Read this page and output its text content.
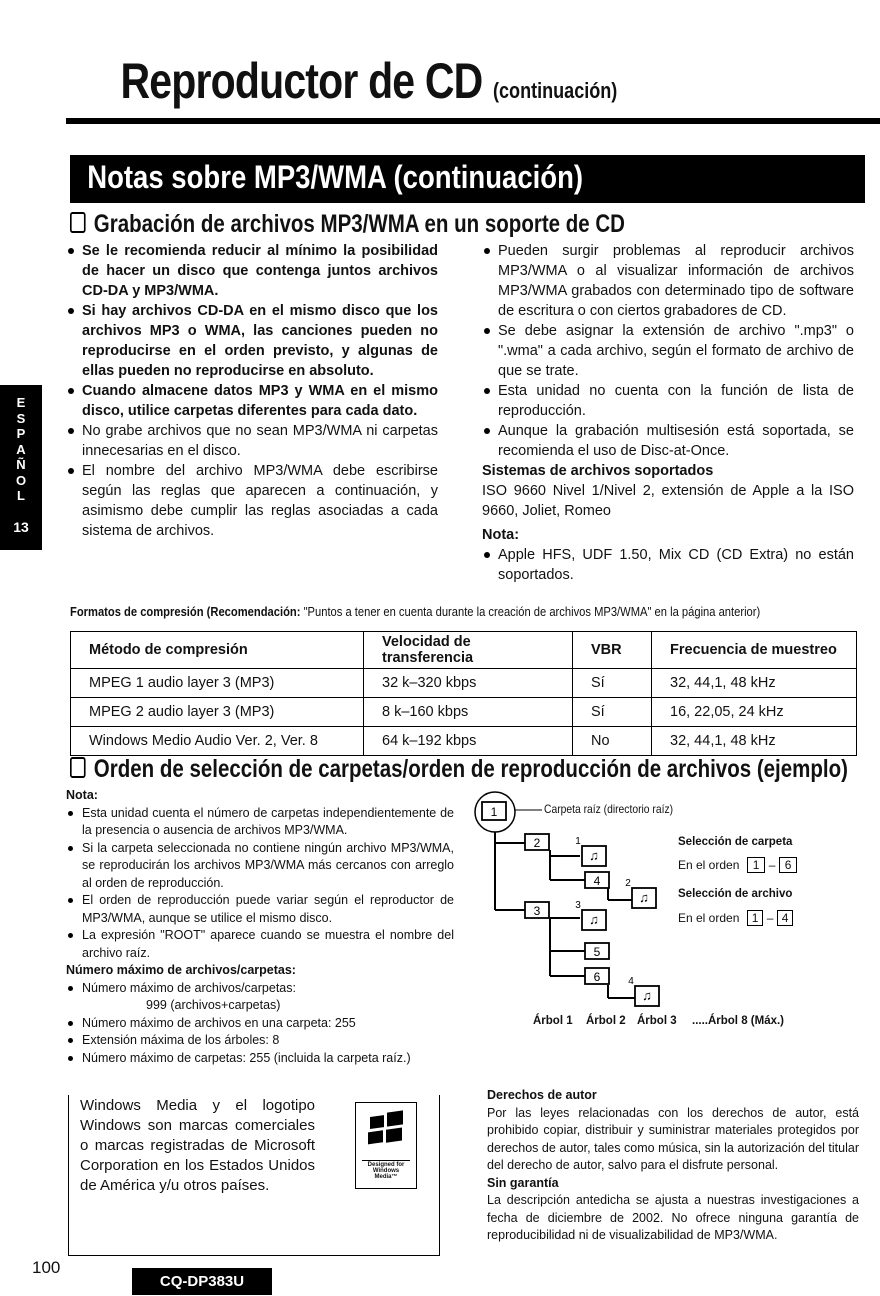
Reproductor de CD (continuación)
Notas sobre MP3/WMA (continuación)
E
S
P
A
Ñ
O
L
13
Grabación de archivos MP3/WMA en un soporte de CD
Se le recomienda reducir al mínimo la posibilidad de hacer un disco que contenga juntos archivos CD-DA y MP3/WMA.
Si hay archivos CD-DA en el mismo disco que los archivos MP3 o WMA, las canciones pueden no reproducirse en el orden previsto, y algunas de ellas pueden no reproducirse en absoluto.
Cuando almacene datos MP3 y WMA en el mismo disco, utilice carpetas diferentes para cada dato.
No grabe archivos que no sean MP3/WMA ni carpetas innecesarias en el disco.
El nombre del archivo MP3/WMA debe escribirse según las reglas que aparecen a continuación, y asimismo debe cumplir las reglas asociadas a cada sistema de archivos.
Pueden surgir problemas al reproducir archivos MP3/WMA o al visualizar información de archivos MP3/WMA grabados con determinado tipo de software de escritura o con ciertos grabadores de CD.
Se debe asignar la extensión de archivo ".mp3" o ".wma" a cada archivo, según el formato de archivo de que se trate.
Esta unidad no cuenta con la función de lista de reproducción.
Aunque la grabación multisesión está soportada, se recomienda el uso de Disc-at-Once.
Sistemas de archivos soportados
ISO 9660 Nivel 1/Nivel 2, extensión de Apple a la ISO 9660, Joliet, Romeo
Nota:
Apple HFS, UDF 1.50, Mix CD (CD Extra) no están soportados.
Formatos de compresión (Recomendación: "Puntos a tener en cuenta durante la creación de archivos MP3/WMA" en la página anterior)
Método de compresión	Velocidad de transferencia	VBR	Frecuencia de muestreo
MPEG 1 audio layer 3 (MP3)	32 k–320 kbps	Sí	32, 44,1, 48 kHz
MPEG 2 audio layer 3 (MP3)	8 k–160 kbps	Sí	16, 22,05, 24 kHz
Windows Medio Audio Ver. 2, Ver. 8	64 k–192 kbps	No	32, 44,1, 48 kHz
Orden de selección de carpetas/orden de reproducción de archivos (ejemplo)
Nota:
Esta unidad cuenta el número de carpetas independientemente de la presencia o ausencia de archivos MP3/WMA.
Si la carpeta seleccionada no contiene ningún archivo MP3/WMA, se reproducirán los archivos MP3/WMA más cercanos con arreglo al orden de reproducción.
El orden de reproducción puede variar según el reproductor de MP3/WMA, aunque se utilice el mismo disco.
La expresión "ROOT" aparece cuando se muestra el nombre del archivo raíz.
Número máximo de archivos/carpetas:
Número máximo de archivos/carpetas:
999 (archivos+carpetas)
Número máximo de archivos en una carpeta: 255
Extensión máxima de los árboles: 8
Número máximo de carpetas: 255 (incluida la carpeta raíz.)
1
2
3
4
5
6
1
2
3
4
♫
♫
♫
♫
Carpeta raíz (directorio raíz)
Selección de carpeta
En el orden 1 – 6
Selección de archivo
En el orden 1 – 4
Árbol 1 Árbol 2 Árbol 3 .....Árbol 8 (Máx.)
Windows Media y el logotipo Windows son marcas comerciales o marcas registradas de Microsoft Corporation en los Estados Unidos de América y/u otros países.
Designed for
Windows
Media™
Derechos de autor
Por las leyes relacionadas con los derechos de autor, está prohibido copiar, distribuir y suministrar materiales protegidos por derechos de autor, tales como música, sin la autorización del titular del derecho de autor, salvo para el disfrute personal.
Sin garantía
La descripción antedicha se ajusta a nuestras investigaciones a fecha de diciembre de 2002. No ofrece ninguna garantía de reproducibilidad ni de visualizabilidad de MP3/WMA.
100
CQ-DP383U
